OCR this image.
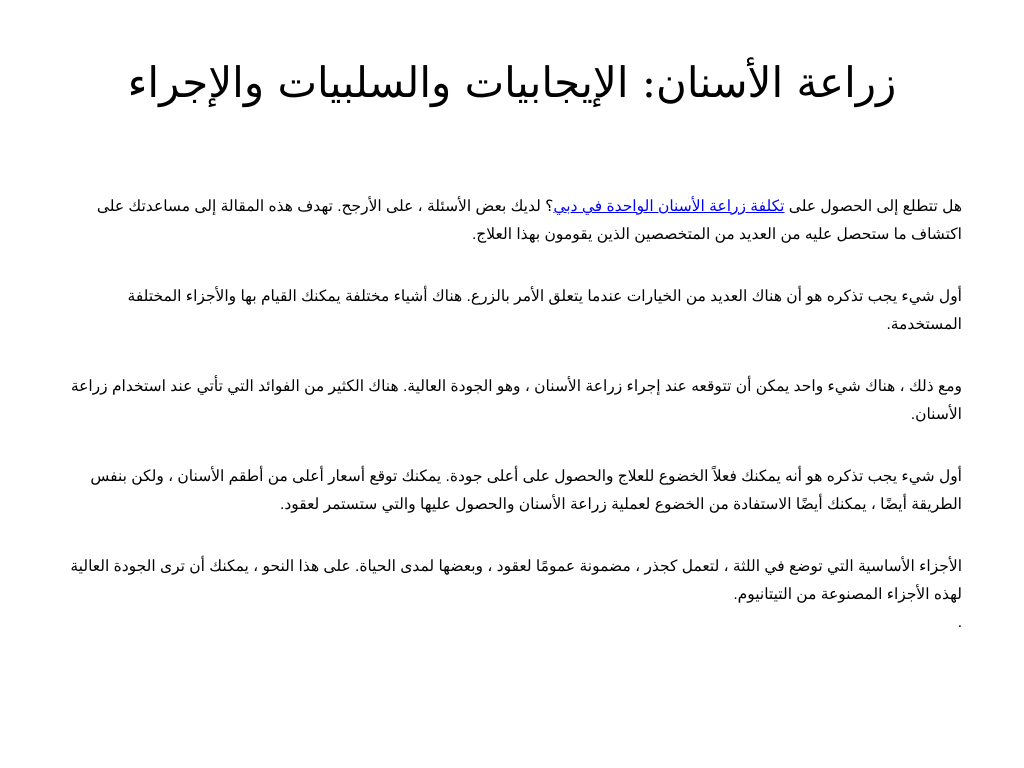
زراعة الأسنان: الإيجابيات والسلبيات والإجراء

هل تتطلع إلى الحصول على تكلفة زراعة الأسنان الواحدة في دبي؟ لديك بعض الأسئلة ، على الأرجح. تهدف هذه المقالة إلى مساعدتك على اكتشاف ما ستحصل عليه من العديد من المتخصصين الذين يقومون بهذا العلاج.

أول شيء يجب تذكره هو أن هناك العديد من الخيارات عندما يتعلق الأمر بالزرع. هناك أشياء مختلفة يمكنك القيام بها والأجزاء المختلفة المستخدمة.

ومع ذلك ، هناك شيء واحد يمكن أن تتوقعه عند إجراء زراعة الأسنان ، وهو الجودة العالية. هناك الكثير من الفوائد التي تأتي عند استخدام زراعة الأسنان.

أول شيء يجب تذكره هو أنه يمكنك فعلاً الخضوع للعلاج والحصول على أعلى جودة. يمكنك توقع أسعار أعلى من أطقم الأسنان ، ولكن بنفس الطريقة أيضًا ، يمكنك أيضًا الاستفادة من الخضوع لعملية زراعة الأسنان والحصول عليها والتي ستستمر لعقود.

الأجزاء الأساسية التي توضع في اللثة ، لتعمل كجذر ، مضمونة عمومًا لعقود ، وبعضها لمدى الحياة. على هذا النحو ، يمكنك أن ترى الجودة العالية لهذه الأجزاء المصنوعة من التيتانيوم.
.
